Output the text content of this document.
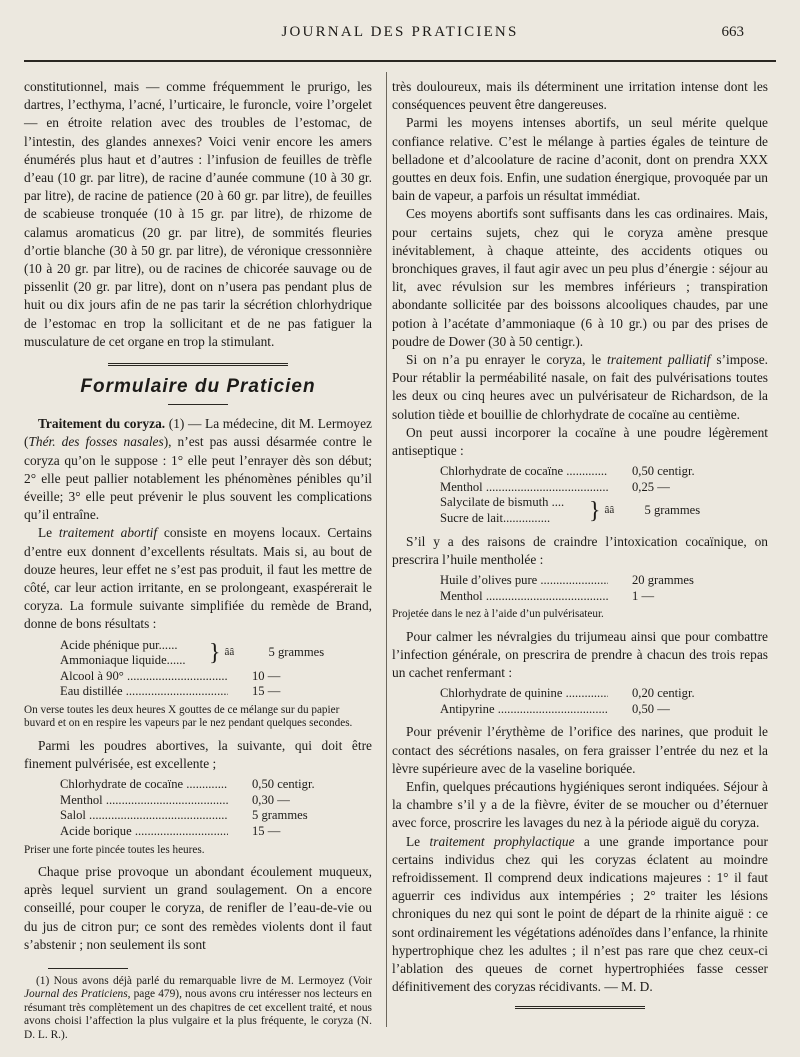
JOURNAL DES PRATICIENS	663

constitutionnel, mais — comme fréquemment le prurigo, les dartres, l’ecthyma, l’acné, l’urticaire, le furoncle, voire l’orgelet — en étroite relation avec des troubles de l’estomac, de l’intestin, des glandes annexes? Voici venir encore les amers énumérés plus haut et d’autres : l’infusion de feuilles de trèfle d’eau (10 gr. par litre), de racine d’aunée commune (10 à 30 gr. par litre), de racine de patience (20 à 60 gr. par litre), de feuilles de scabieuse tronquée (10 à 15 gr. par litre), de rhizome de calamus aromaticus (20 gr. par litre), de sommités fleuries d’ortie blanche (30 à 50 gr. par litre), de véronique cressonnière (10 à 20 gr. par litre), ou de racines de chicorée sauvage ou de pissenlit (20 gr. par litre), dont on n’usera pas pendant plus de huit ou dix jours afin de ne pas tarir la sécrétion chlorhydrique de l’estomac en trop la sollicitant et de ne pas fatiguer la musculature de cet organe en trop la stimulant.

Formulaire du Praticien

Traitement du coryza. (1) — La médecine, dit M. Lermoyez (Thér. des fosses nasales), n’est pas aussi désarmée contre le coryza qu’on le suppose : 1° elle peut l’enrayer dès son début; 2° elle peut pallier notablement les phénomènes pénibles qu’il éveille; 3° elle peut prévenir le plus souvent les complications qu’il entraîne.

Le traitement abortif consiste en moyens locaux. Certains d’entre eux donnent d’excellents résultats. Mais si, au bout de douze heures, leur effet ne s’est pas produit, il faut les mettre de côté, car leur action irritante, en se prolongeant, exaspérerait le coryza. La formule suivante simplifiée du remède de Brand, donne de bons résultats :

Acide phénique pur......
Ammoniaque liquide...... } ââ	5 grammes
Alcool à 90° .....	10 —
Eau distillée .....	15 —

On verse toutes les deux heures X gouttes de ce mélange sur du papier buvard et on en respire les vapeurs par le nez pendant quelques secondes.

Parmi les poudres abortives, la suivante, qui doit être finement pulvérisée, est excellente ;

Chlorhydrate de cocaïne .....	0,50 centigr.
Menthol .....	0,30 —
Salol .....	5 grammes
Acide borique .....	15 —

Priser une forte pincée toutes les heures.

Chaque prise provoque un abondant écoulement muqueux, après lequel survient un grand soulagement. On a encore conseillé, pour couper le coryza, de renifler de l’eau-de-vie ou du jus de citron pur; ce sont des remèdes violents dont il faut s’abstenir ; non seulement ils sont

(1) Nous avons déjà parlé du remarquable livre de M. Lermoyez (Voir Journal des Praticiens, page 479), nous avons cru intéresser nos lecteurs en résumant très complètement un des chapitres de cet excellent traité, et nous avons choisi l’affection la plus vulgaire et la plus fréquente, le coryza (N. D. L. R.).

très douloureux, mais ils déterminent une irritation intense dont les conséquences peuvent être dangereuses.

Parmi les moyens intenses abortifs, un seul mérite quelque confiance relative. C’est le mélange à parties égales de teinture de belladone et d’alcoolature de racine d’aconit, dont on prendra XXX gouttes en deux fois. Enfin, une sudation énergique, provoquée par un bain de vapeur, a parfois un résultat immédiat.

Ces moyens abortifs sont suffisants dans les cas ordinaires. Mais, pour certains sujets, chez qui le coryza amène presque inévitablement, à chaque atteinte, des accidents otiques ou bronchiques graves, il faut agir avec un peu plus d’énergie : séjour au lit, avec révulsion sur les membres inférieurs ; transpiration abondante sollicitée par des boissons alcooliques chaudes, par une potion à l’acétate d’ammoniaque (6 à 10 gr.) ou par des prises de poudre de Dower (30 à 50 centigr.).

Si on n’a pu enrayer le coryza, le traitement palliatif s’impose. Pour rétablir la perméabilité nasale, on fait des pulvérisations toutes les deux ou cinq heures avec un pulvérisateur de Richardson, de la solution tiède et bouillie de chlorhydrate de cocaïne au centième.

On peut aussi incorporer la cocaïne à une poudre légèrement antiseptique :

Chlorhydrate de cocaïne .....	0,50 centigr.
Menthol .....	0,25 —
Salycilate de bismuth ....
Sucre de lait...............	} ââ	5 grammes

S’il y a des raisons de craindre l’intoxication cocaïnique, on prescrira l’huile mentholée :

Huile d’olives pure .....	20 grammes
Menthol .....	1 —

Projetée dans le nez à l’aide d’un pulvérisateur.

Pour calmer les névralgies du trijumeau ainsi que pour combattre l’infection générale, on prescrira de prendre à chacun des trois repas un cachet renfermant :

Chlorhydrate de quinine .....	0,20 centigr.
Antipyrine .....	0,50 —

Pour prévenir l’érythème de l’orifice des narines, que produit le contact des sécrétions nasales, on fera graisser l’entrée du nez et la lèvre supérieure avec de la vaseline boriquée.

Enfin, quelques précautions hygiéniques seront indiquées. Séjour à la chambre s’il y a de la fièvre, éviter de se moucher ou d’éternuer avec force, proscrire les lavages du nez à la période aiguë du coryza.

Le traitement prophylactique a une grande importance pour certains individus chez qui les coryzas éclatent au moindre refroidissement. Il comprend deux indications majeures : 1° il faut aguerrir ces individus aux intempéries ; 2° traiter les lésions chroniques du nez qui sont le point de départ de la rhinite aiguë : ce sont ordinairement les végétations adénoïdes dans l’enfance, la rhinite hypertrophique chez les adultes ; il n’est pas rare que chez ceux-ci l’ablation des queues de cornet hypertrophiées fasse cesser définitivement des coryzas récidivants. — M. D.
